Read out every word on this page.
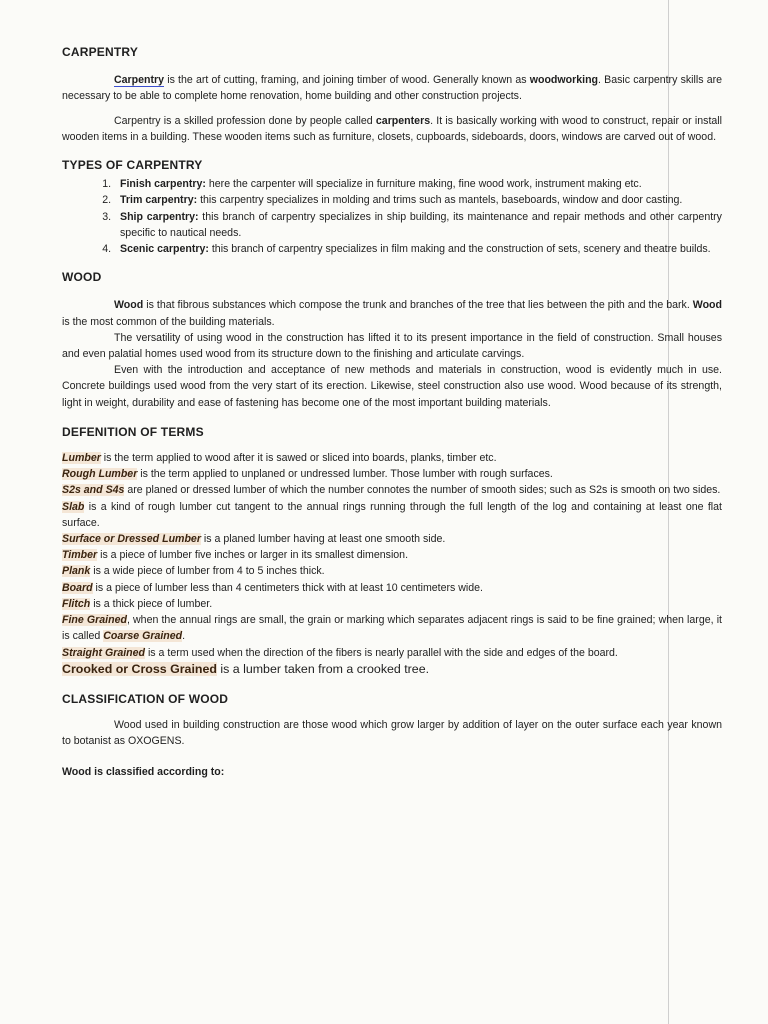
CARPENTRY

Carpentry is the art of cutting, framing, and joining timber of wood. Generally known as woodworking. Basic carpentry skills are necessary to be able to complete home renovation, home building and other construction projects.

Carpentry is a skilled profession done by people called carpenters. It is basically working with wood to construct, repair or install wooden items in a building. These wooden items such as furniture, closets, cupboards, sideboards, doors, windows are carved out of wood.

TYPES OF CARPENTRY
1. Finish carpentry: here the carpenter will specialize in furniture making, fine wood work, instrument making etc.
2. Trim carpentry: this carpentry specializes in molding and trims such as mantels, baseboards, window and door casting.
3. Ship carpentry: this branch of carpentry specializes in ship building, its maintenance and repair methods and other carpentry specific to nautical needs.
4. Scenic carpentry: this branch of carpentry specializes in film making and the construction of sets, scenery and theatre builds.
WOOD

Wood is that fibrous substances which compose the trunk and branches of the tree that lies between the pith and the bark. Wood is the most common of the building materials.

The versatility of using wood in the construction has lifted it to its present importance in the field of construction. Small houses and even palatial homes used wood from its structure down to the finishing and articulate carvings.

Even with the introduction and acceptance of new methods and materials in construction, wood is evidently much in use. Concrete buildings used wood from the very start of its erection. Likewise, steel construction also use wood. Wood because of its strength, light in weight, durability and ease of fastening has become one of the most important building materials.

DEFENITION OF TERMS

Lumber is the term applied to wood after it is sawed or sliced into boards, planks, timber etc.

Rough Lumber is the term applied to unplaned or undressed lumber. Those lumber with rough surfaces.

S2s and S4s are planed or dressed lumber of which the number connotes the number of smooth sides; such as S2s is smooth on two sides.

Slab is a kind of rough lumber cut tangent to the annual rings running through the full length of the log and containing at least one flat surface.

Surface or Dressed Lumber is a planed lumber having at least one smooth side.

Timber is a piece of lumber five inches or larger in its smallest dimension.

Plank is a wide piece of lumber from 4 to 5 inches thick.

Board is a piece of lumber less than 4 centimeters thick with at least 10 centimeters wide.

Flitch is a thick piece of lumber.

Fine Grained, when the annual rings are small, the grain or marking which separates adjacent rings is said to be fine grained; when large, it is called Coarse Grained.

Straight Grained is a term used when the direction of the fibers is nearly parallel with the side and edges of the board.

Crooked or Cross Grained is a lumber taken from a crooked tree.

CLASSIFICATION OF WOOD

Wood used in building construction are those wood which grow larger by addition of layer on the outer surface each year known to botanist as OXOGENS.

Wood is classified according to:
